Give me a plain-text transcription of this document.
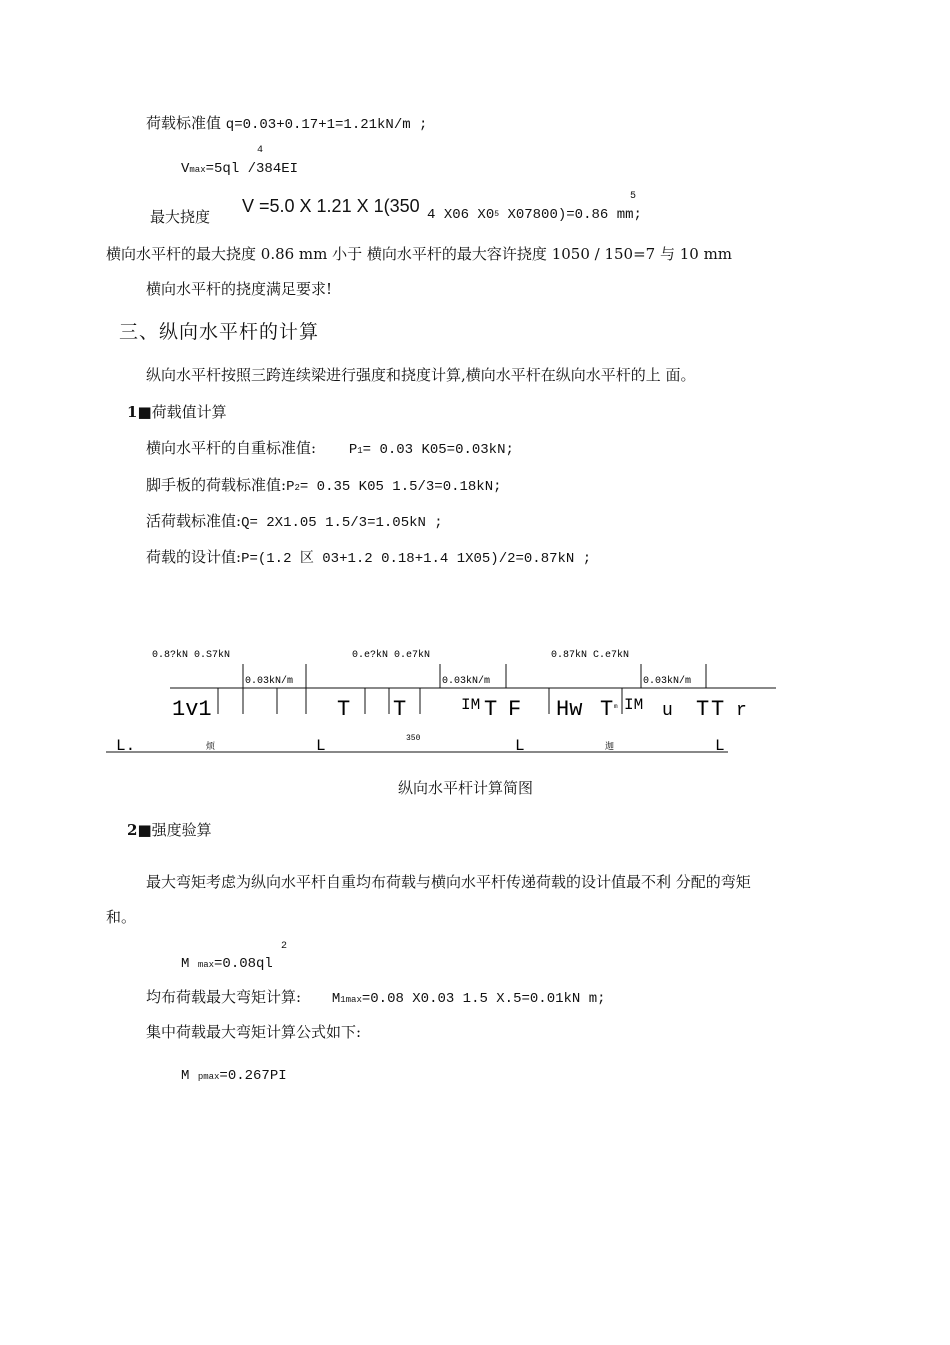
荷载标准值 q=0.03+0.17+1=1.21kN/m ;
4
Vmax=5ql /384EI
最大挠度
V =5.0 X 1.21 X 1(350 4 X06 $X0^5$ X07800)=0.86 mm;
5
横向水平杆的最大挠度 0.86 mm 小于 横向水平杆的最大容许挠度 1050 / 150=7 与 10 mm
横向水平杆的挠度满足要求!
三、纵向水平杆的计算
纵向水平杆按照三跨连续梁进行强度和挠度计算,横向水平杆在纵向水平杆的上 面。
1■荷载值计算
横向水平杆的自重标准值: P1= 0.03 K05=0.03kN;
脚手板的荷载标准值:P2= 0.35 K05 1.5/3=0.18kN;
活荷载标准值:Q= 2X1.05 1.5/3=1.05kN ;
荷载的设计值:P=(1.2 区 03+1.2 0.18+1.4 1X05)/2=0.87kN ;
0.8?kN 0.S7kN	0.e?kN 0.e7kN	0.87kN C.e7kN
0.03kN/m	0.03kN/m	0.03kN/m
1v1	T T	IM T F Hw T m IM u T T r
L.	L	L	L
烦
350
迦
纵向水平杆计算简图
2■强度验算
最大弯矩考虑为纵向水平杆自重均布荷载与横向水平杆传递荷载的设计值最不利 分配的弯矩
和。
2
M max=0.08ql
均布荷载最大弯矩计算: M1max=0.08 X0.03 1.5 X.5=0.01kN m;
集中荷载最大弯矩计算公式如下:
M pmax=0.267PI
